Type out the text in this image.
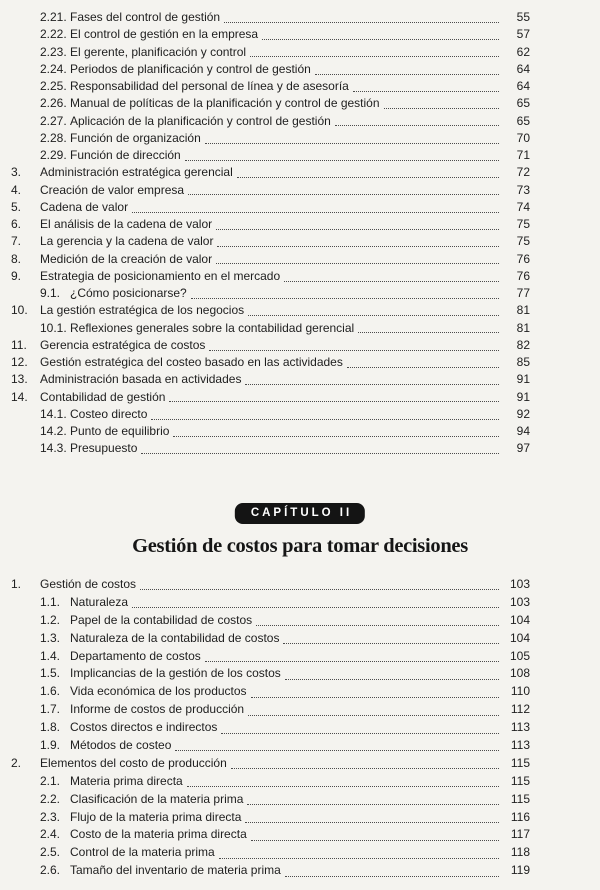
2.21. Fases del control de gestión	55
2.22. El control de gestión en la empresa	57
2.23. El gerente, planificación y control	62
2.24. Periodos de planificación y control de gestión	64
2.25. Responsabilidad del personal de línea y de asesoría	64
2.26. Manual de políticas de la planificación y control de gestión	65
2.27. Aplicación de la planificación y control de gestión	65
2.28. Función de organización	70
2.29. Función de dirección	71
3.	Administración estratégica gerencial	72
4.	Creación de valor empresa	73
5.	Cadena de valor	74
6.	El análisis de la cadena de valor	75
7.	La gerencia y la cadena de valor	75
8.	Medición de la creación de valor	76
9.	Estrategia de posicionamiento en el mercado	76
9.1. ¿Cómo posicionarse?	77
10.	La gestión estratégica de los negocios	81
10.1. Reflexiones generales sobre la contabilidad gerencial	81
11.	Gerencia estratégica de costos	82
12.	Gestión estratégica del costeo basado en las actividades	85
13.	Administración basada en actividades	91
14.	Contabilidad de gestión	91
14.1. Costeo directo	92
14.2. Punto de equilibrio	94
14.3. Presupuesto	97
CAPÍTULO II
Gestión de costos para tomar decisiones
1.	Gestión de costos	103
1.1. Naturaleza	103
1.2. Papel de la contabilidad de costos	104
1.3. Naturaleza de la contabilidad de costos	104
1.4. Departamento de costos	105
1.5. Implicancias de la gestión de los costos	108
1.6. Vida económica de los productos	110
1.7. Informe de costos de producción	112
1.8. Costos directos e indirectos	113
1.9. Métodos de costeo	113
2.	Elementos del costo de producción	115
2.1. Materia prima directa	115
2.2. Clasificación de la materia prima	115
2.3. Flujo de la materia prima directa	116
2.4. Costo de la materia prima directa	117
2.5. Control de la materia prima	118
2.6. Tamaño del inventario de materia prima	119
